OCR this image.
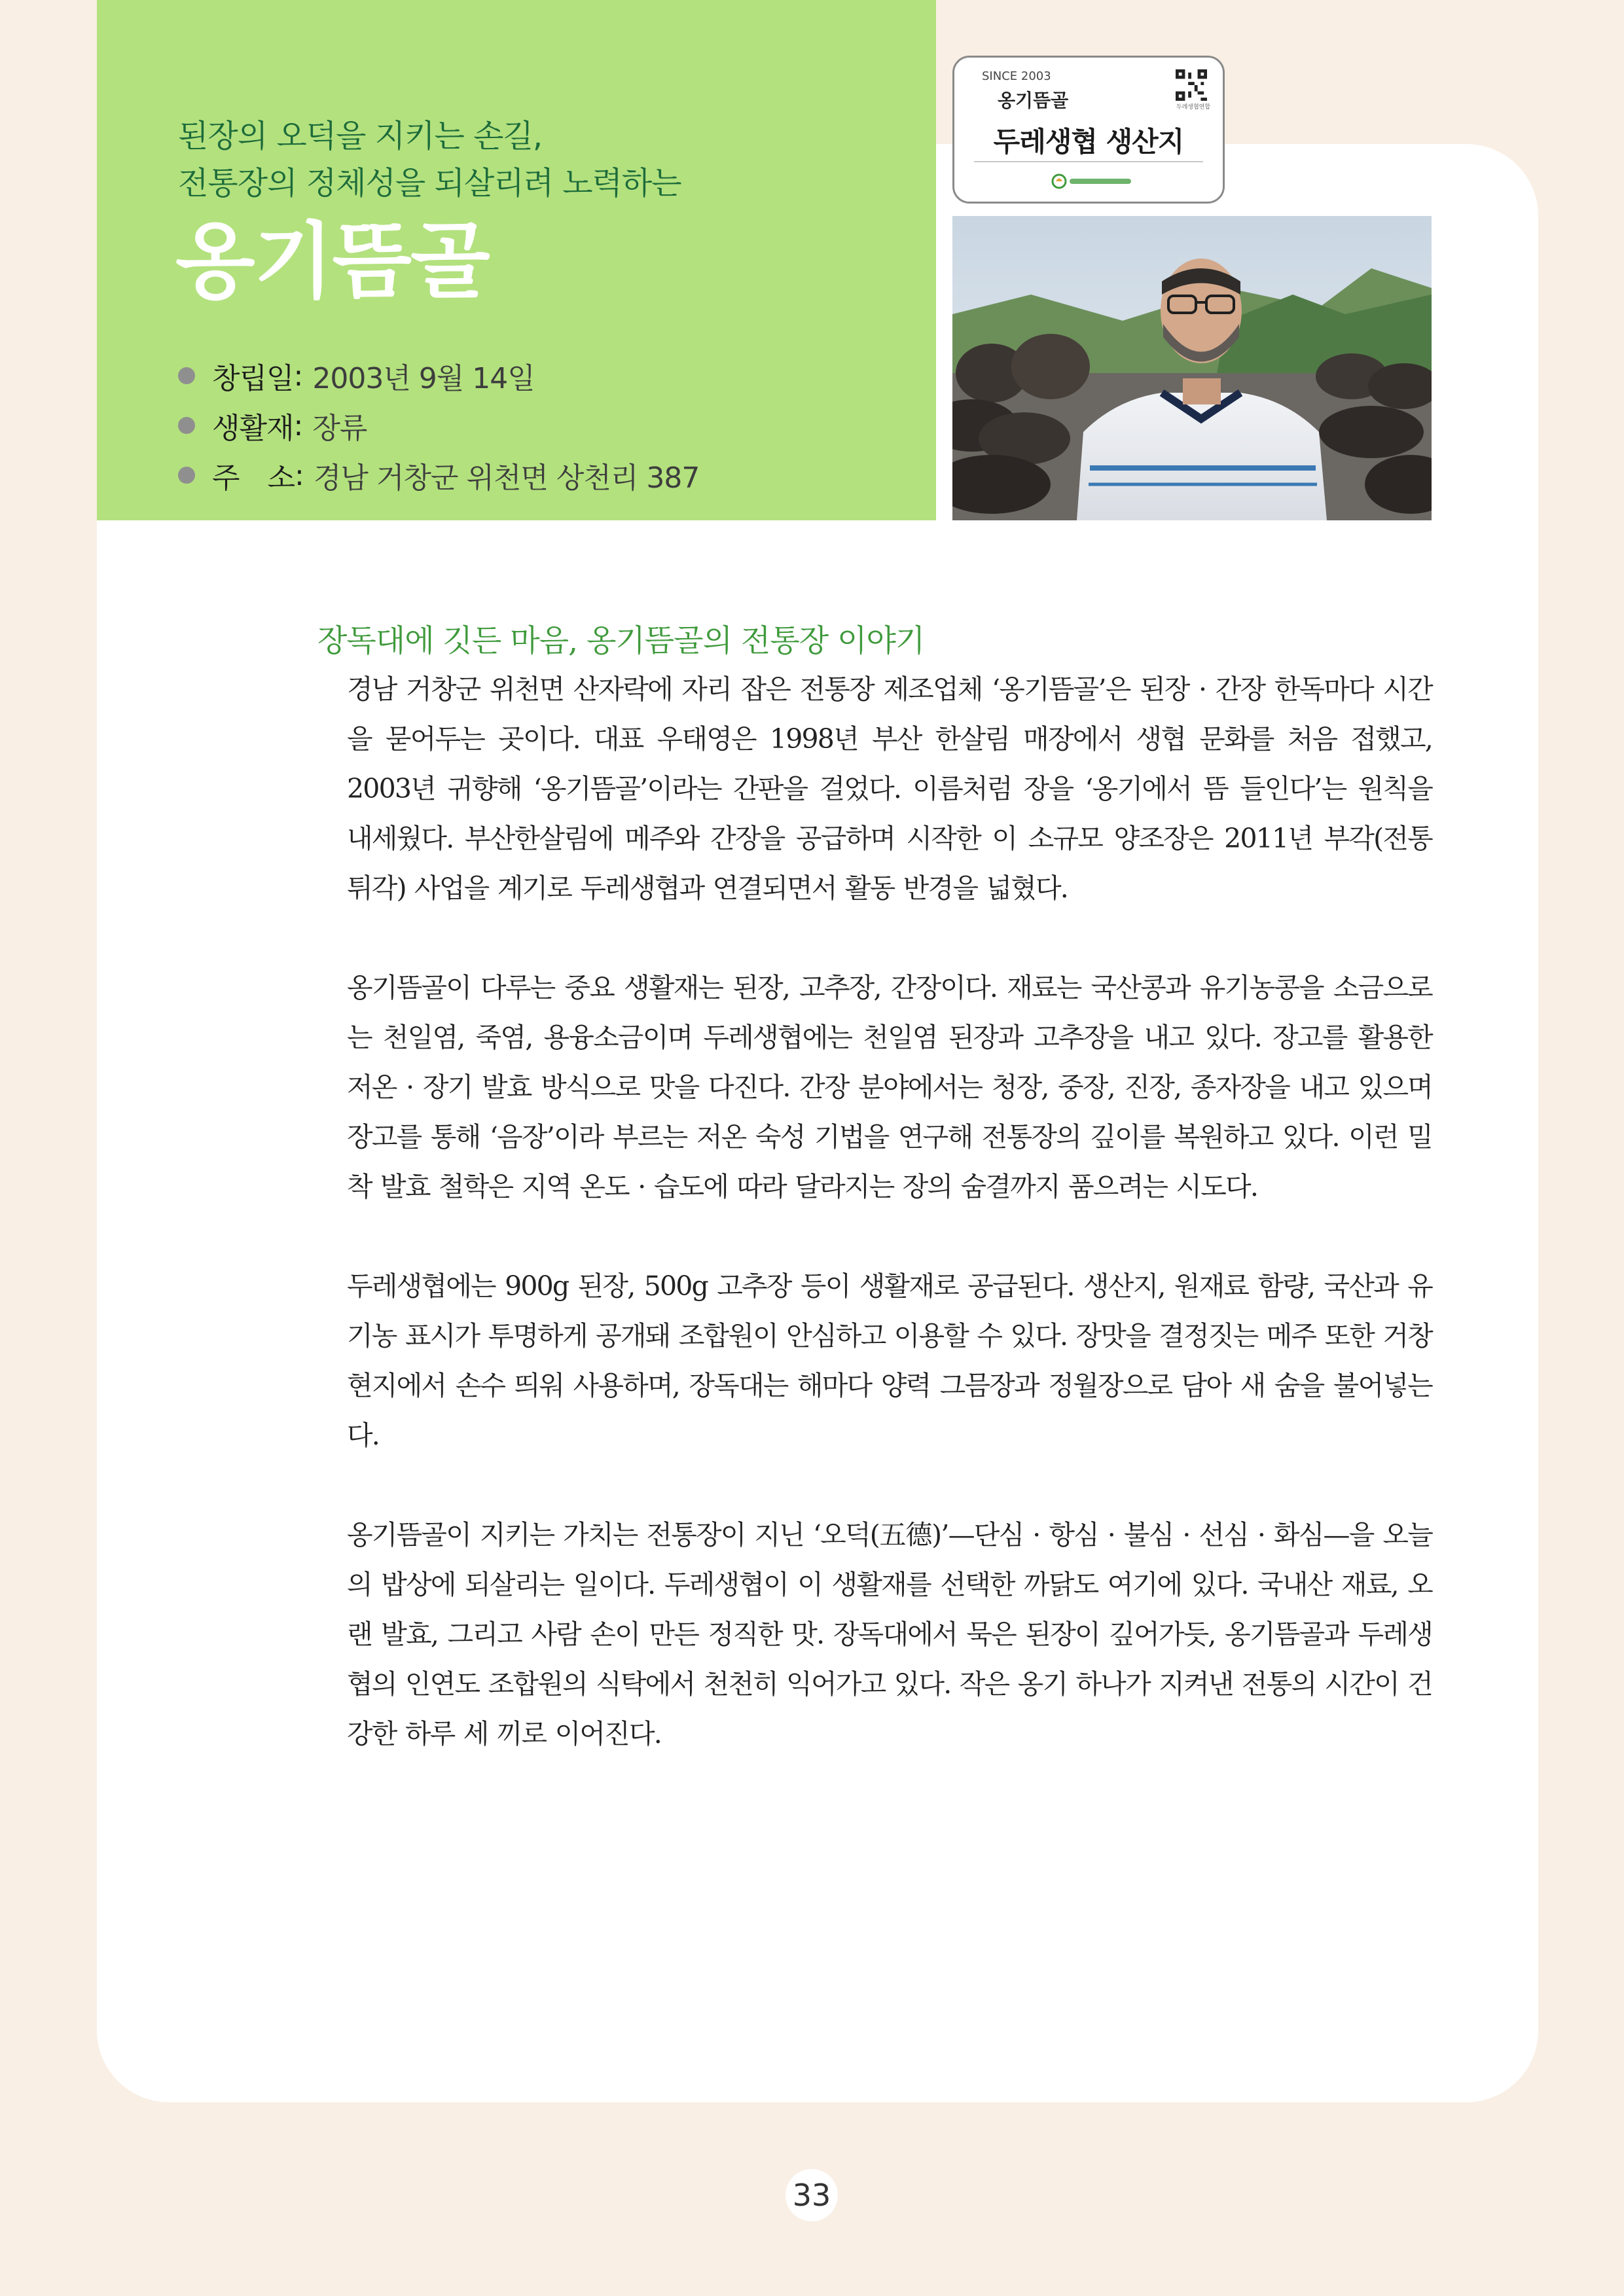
된장의 오덕을 지키는 손길,
전통장의 정체성을 되살리려 노력하는
옹기뜸골
창립일 : 2003년 9월 14일
생활재 : 장류
주　소 : 경남 거창군 위천면 상천리 387
SINCE 2003
옹기뜸골	두레생협연합
두레생협 생산지
장독대에 깃든 마음, 옹기뜸골의 전통장 이야기

경남 거창군 위천면 산자락에 자리 잡은 전통장 제조업체 ‘옹기뜸골’은 된장 · 간장 한독마다 시간을 묻어두는 곳이다. 대표 우태영은 1998년 부산 한살림 매장에서 생협 문화를 처음 접했고, 2003년 귀향해 ‘옹기뜸골’이라는 간판을 걸었다. 이름처럼 장을 ‘옹기에서 뜸 들인다’는 원칙을 내세웠다. 부산한살림에 메주와 간장을 공급하며 시작한 이 소규모 양조장은 2011년 부각(전통 튀각) 사업을 계기로 두레생협과 연결되면서 활동 반경을 넓혔다.

옹기뜸골이 다루는 중요 생활재는 된장, 고추장, 간장이다. 재료는 국산콩과 유기농콩을 소금으로는 천일염, 죽염, 용융소금이며 두레생협에는 천일염 된장과 고추장을 내고 있다. 장고를 활용한 저온 · 장기 발효 방식으로 맛을 다진다. 간장 분야에서는 청장, 중장, 진장, 종자장을 내고 있으며 장고를 통해 ‘음장’이라 부르는 저온 숙성 기법을 연구해 전통장의 깊이를 복원하고 있다. 이런 밀착 발효 철학은 지역 온도 · 습도에 따라 달라지는 장의 숨결까지 품으려는 시도다.

두레생협에는 900g 된장, 500g 고추장 등이 생활재로 공급된다. 생산지, 원재료 함량, 국산과 유기농 표시가 투명하게 공개돼 조합원이 안심하고 이용할 수 있다. 장맛을 결정짓는 메주 또한 거창 현지에서 손수 띄워 사용하며, 장독대는 해마다 양력 그믐장과 정월장으로 담아 새 숨을 불어넣는다.

옹기뜸골이 지키는 가치는 전통장이 지닌 ‘오덕(五德)’—단심 · 항심 · 불심 · 선심 · 화심—을 오늘의 밥상에 되살리는 일이다. 두레생협이 이 생활재를 선택한 까닭도 여기에 있다. 국내산 재료, 오랜 발효, 그리고 사람 손이 만든 정직한 맛. 장독대에서 묵은 된장이 깊어가듯, 옹기뜸골과 두레생협의 인연도 조합원의 식탁에서 천천히 익어가고 있다. 작은 옹기 하나가 지켜낸 전통의 시간이 건강한 하루 세 끼로 이어진다.

33
